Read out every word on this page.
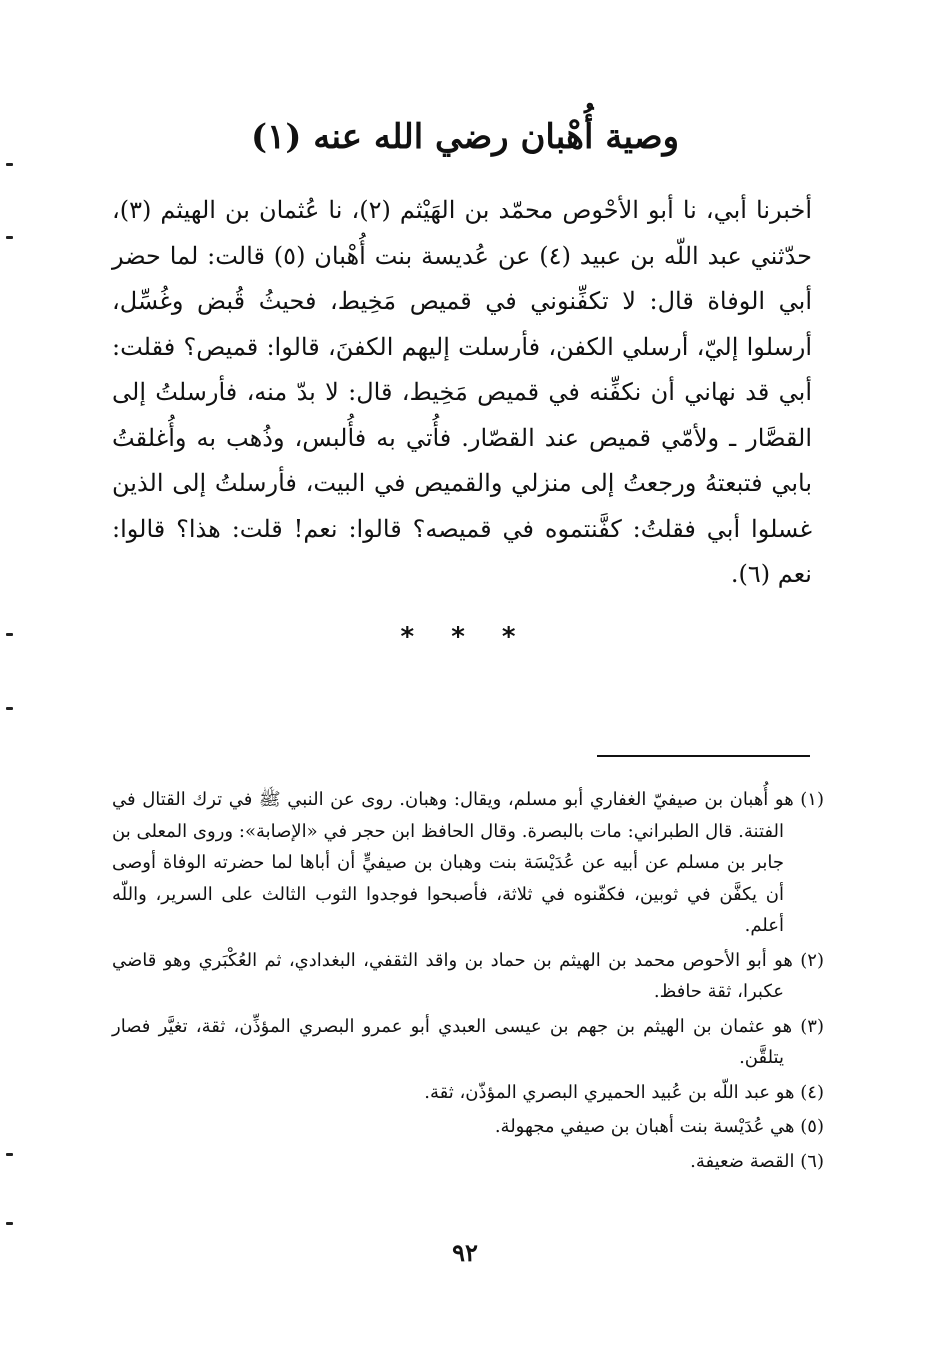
وصية أُهْبان رضي الله عنه (١)
أخبرنا أبي، نا أبو الأحْوص محمّد بن الهَيْثم (٢)، نا عُثمان بن الهيثم (٣)، حدّثني عبد اللّه بن عبيد (٤) عن عُديسة بنت أُهْبان (٥) قالت: لما حضر أبي الوفاة قال: لا تكفِّنوني في قميص مَخِيط، فحيثُ قُبض وغُسِّل، أرسلوا إليّ، أرسلي الكفن، فأرسلت إليهم الكفنَ، قالوا: قميص؟ فقلت: أبي قد نهاني أن نكفِّنه في قميص مَخِيط، قال: لا بدّ منه، فأرسلتُ إلى القصَّار ـ ولأمّي قميص عند القصّار. فأُتي به فأُلبس، وذُهب به وأُغلقتُ بابي فتبعتهُ ورجعتُ إلى منزلي والقميص في البيت، فأرسلتُ إلى الذين غسلوا أبي فقلتُ: كفَّنتموه في قميصه؟ قالوا: نعم! قلت: هذا؟ قالوا: نعم (٦).
* * *

(١) هو أُهبان بن صيفيّ الغفاري أبو مسلم، ويقال: وهبان. روى عن النبي ﷺ في ترك القتال في الفتنة. قال الطبراني: مات بالبصرة. وقال الحافظ ابن حجر في «الإصابة»: وروى المعلى بن جابر بن مسلم عن أبيه عن عُدَيْسَة بنت وهبان بن صيفيٍّ أن أباها لما حضرته الوفاة أوصى أن يكفَّن في ثوبين، فكفّنوه في ثلاثة، فأصبحوا فوجدوا الثوب الثالث على السرير، واللّه أعلم.

(٢) هو أبو الأحوص محمد بن الهيثم بن حماد بن واقد الثقفي، البغدادي، ثم العُكْبَري وهو قاضي عكبرا، ثقة حافظ.

(٣) هو عثمان بن الهيثم بن جهم بن عيسى العبدي أبو عمرو البصري المؤذِّن، ثقة، تغيَّر فصار يتلقَّن.

(٤) هو عبد اللّه بن عُبيد الحميري البصري المؤذّن، ثقة.

(٥) هي عُدَيْسة بنت أهبان بن صيفي مجهولة.

(٦) القصة ضعيفة.

٩٢
